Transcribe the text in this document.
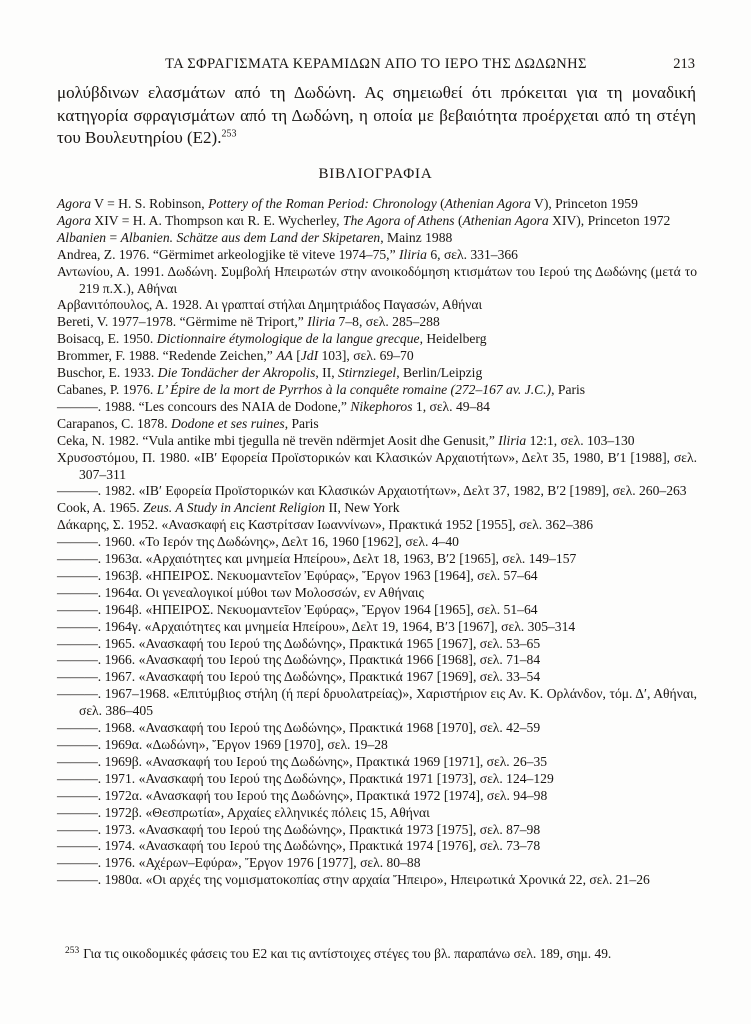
ΤΑ ΣΦΡΑΓΙΣΜΑΤΑ ΚΕΡΑΜΙΔΩΝ ΑΠΟ ΤΟ ΙΕΡΟ ΤΗΣ ΔΩΔΩΝΗΣ	213

μολύβδινων ελασμάτων από τη Δωδώνη. Ας σημειωθεί ότι πρόκειται για τη μοναδική κατηγορία σφραγισμάτων από τη Δωδώνη, η οποία με βεβαιότητα προέρχεται από τη στέγη του Βουλευτηρίου (Ε2).$^{253}$

ΒΙΒΛΙΟΓΡΑΦΙΑ

Agora V = H. S. Robinson, Pottery of the Roman Period: Chronology (Athenian Agora V), Princeton 1959

Agora XIV = H. A. Thompson και R. E. Wycherley, The Agora of Athens (Athenian Agora XIV), Princeton 1972

Albanien = Albanien. Schätze aus dem Land der Skipetaren, Mainz 1988

Andrea, Z. 1976. “Gërmimet arkeologjike të viteve 1974–75,” Iliria 6, σελ. 331–366

Αντωνίου, Α. 1991. Δωδώνη. Συμβολή Ηπειρωτών στην ανοικοδόμηση κτισμάτων του Ιερού της Δωδώνης (μετά το 219 π.Χ.), Αθήναι

Αρβανιτόπουλος, Α. 1928. Αι γραπταί στήλαι Δημητριάδος Παγασών, Αθήναι

Bereti, V. 1977–1978. “Gërmime në Triport,” Iliria 7–8, σελ. 285–288

Boisacq, E. 1950. Dictionnaire étymologique de la langue grecque, Heidelberg

Brommer, F. 1988. “Redende Zeichen,” AA [JdI 103], σελ. 69–70

Buschor, E. 1933. Die Tondächer der Akropolis, II, Stirnziegel, Berlin/Leipzig

Cabanes, P. 1976. L’ Épire de la mort de Pyrrhos à la conquête romaine (272–167 av. J.C.), Paris

———. 1988. “Les concours des NAIA de Dodone,” Nikephoros 1, σελ. 49–84

Carapanos, C. 1878. Dodone et ses ruines, Paris

Ceka, N. 1982. “Vula antike mbi tjegulla në trevën ndërmjet Aosit dhe Genusit,” Iliria 12:1, σελ. 103–130

Χρυσοστόμου, Π. 1980. «ΙΒ′ Εφορεία Προϊστορικών και Κλασικών Αρχαιοτήτων», Δελτ 35, 1980, Β′1 [1988], σελ. 307–311

———. 1982. «ΙΒ′ Εφορεία Προϊστορικών και Κλασικών Αρχαιοτήτων», Δελτ 37, 1982, Β′2 [1989], σελ. 260–263

Cook, A. 1965. Zeus. A Study in Ancient Religion II, New York

Δάκαρης, Σ. 1952. «Ανασκαφή εις Καστρίτσαν Ιωαννίνων», Πρακτικά 1952 [1955], σελ. 362–386

———. 1960. «Το Ιερόν της Δωδώνης», Δελτ 16, 1960 [1962], σελ. 4–40

———. 1963α. «Αρχαιότητες και μνημεία Ηπείρου», Δελτ 18, 1963, Β′2 [1965], σελ. 149–157

———. 1963β. «ΗΠΕΙΡΟΣ. Νεκυομαντεῖον Ἐφύρας», Ἔργον 1963 [1964], σελ. 57–64

———. 1964α. Οι γενεαλογικοί μύθοι των Μολοσσών, εν Αθήναις

———. 1964β. «ΗΠΕΙΡΟΣ. Νεκυομαντεῖον Ἐφύρας», Ἔργον 1964 [1965], σελ. 51–64

———. 1964γ. «Αρχαιότητες και μνημεία Ηπείρου», Δελτ 19, 1964, Β′3 [1967], σελ. 305–314

———. 1965. «Ανασκαφή του Ιερού της Δωδώνης», Πρακτικά 1965 [1967], σελ. 53–65

———. 1966. «Ανασκαφή του Ιερού της Δωδώνης», Πρακτικά 1966 [1968], σελ. 71–84

———. 1967. «Ανασκαφή του Ιερού της Δωδώνης», Πρακτικά 1967 [1969], σελ. 33–54

———. 1967–1968. «Επιτύμβιος στήλη (ή περί δρυολατρείας)», Χαριστήριον εις Αν. Κ. Ορλάνδον, τόμ. Δ′, Αθήναι, σελ. 386–405

———. 1968. «Ανασκαφή του Ιερού της Δωδώνης», Πρακτικά 1968 [1970], σελ. 42–59

———. 1969α. «Δωδώνη», Ἔργον 1969 [1970], σελ. 19–28

———. 1969β. «Ανασκαφή του Ιερού της Δωδώνης», Πρακτικά 1969 [1971], σελ. 26–35

———. 1971. «Ανασκαφή του Ιερού της Δωδώνης», Πρακτικά 1971 [1973], σελ. 124–129

———. 1972α. «Ανασκαφή του Ιερού της Δωδώνης», Πρακτικά 1972 [1974], σελ. 94–98

———. 1972β. «Θεσπρωτία», Αρχαίες ελληνικές πόλεις 15, Αθήναι

———. 1973. «Ανασκαφή του Ιερού της Δωδώνης», Πρακτικά 1973 [1975], σελ. 87–98

———. 1974. «Ανασκαφή του Ιερού της Δωδώνης», Πρακτικά 1974 [1976], σελ. 73–78

———. 1976. «Αχέρων–Εφύρα», Ἔργον 1976 [1977], σελ. 80–88

———. 1980α. «Οι αρχές της νομισματοκοπίας στην αρχαία Ἤπειρο», Ηπειρωτικά Χρονικά 22, σελ. 21–26

$^{253}$ Για τις οικοδομικές φάσεις του Ε2 και τις αντίστοιχες στέγες του βλ. παραπάνω σελ. 189, σημ. 49.
